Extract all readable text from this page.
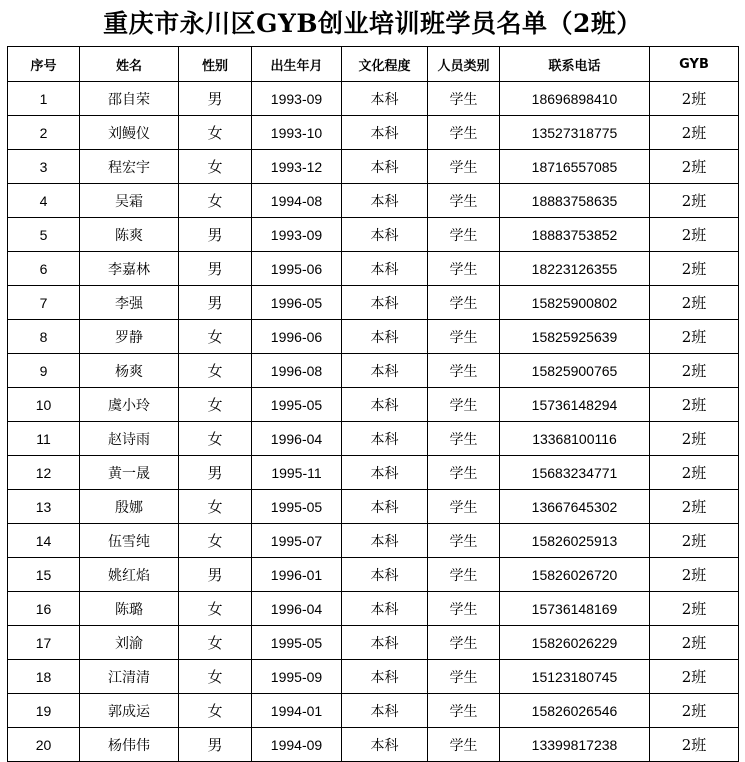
重庆市永川区GYB创业培训班学员名单（2班）
序号	姓名	性别	出生年月	文化程度	人员类别	联系电话	GYB
1	邵自荣	男	1993-09	本科	学生	18696898410	2班
2	刘鳗仪	女	1993-10	本科	学生	13527318775	2班
3	程宏宇	女	1993-12	本科	学生	18716557085	2班
4	吴霜	女	1994-08	本科	学生	18883758635	2班
5	陈爽	男	1993-09	本科	学生	18883753852	2班
6	李嘉林	男	1995-06	本科	学生	18223126355	2班
7	李强	男	1996-05	本科	学生	15825900802	2班
8	罗静	女	1996-06	本科	学生	15825925639	2班
9	杨爽	女	1996-08	本科	学生	15825900765	2班
10	虞小玲	女	1995-05	本科	学生	15736148294	2班
11	赵诗雨	女	1996-04	本科	学生	13368100116	2班
12	黄一晟	男	1995-11	本科	学生	15683234771	2班
13	殷娜	女	1995-05	本科	学生	13667645302	2班
14	伍雪纯	女	1995-07	本科	学生	15826025913	2班
15	姚红焰	男	1996-01	本科	学生	15826026720	2班
16	陈璐	女	1996-04	本科	学生	15736148169	2班
17	刘渝	女	1995-05	本科	学生	15826026229	2班
18	江清清	女	1995-09	本科	学生	15123180745	2班
19	郭成运	女	1994-01	本科	学生	15826026546	2班
20	杨伟伟	男	1994-09	本科	学生	13399817238	2班
